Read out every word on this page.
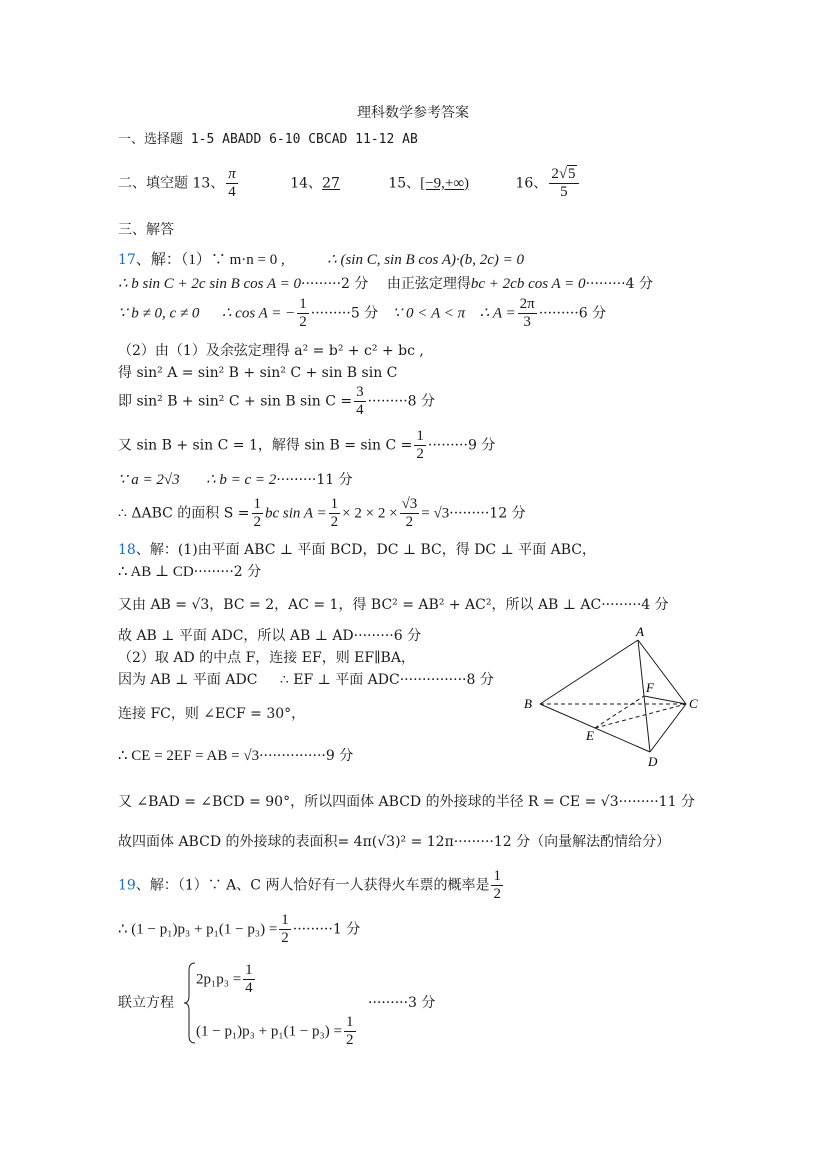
理科数学参考答案
一、选择题 1-5 ABADD 6-10 CBCAD 11-12 AB
二、填空题 13、 $\frac{\pi}{4}$	14、27	15、[−9,+∞)	16、 $\frac{2√5}{5}$
三、解答
17、解：（1）∵ m·n = 0 ,	∴ (sin C, sin B cos A)·(b, 2c) = 0
∴ b sin C + 2c sin B cos A = 0·········2 分 由正弦定理得bc + 2cb cos A = 0·········4 分
∵ b ≠ 0, c ≠ 0 ∴ cos A = − $\frac{1}{2} \cdot\cdot\cdot\cdot\cdot\cdot\cdot\cdot\cdot 5$ 分 ∵ 0 < A < π ∴ $A = \frac{2\pi}{3} \cdot\cdot\cdot\cdot\cdot\cdot\cdot\cdot\cdot 6$ 分
（2）由（1）及余弦定理得 a² = b² + c² + bc ,
得 sin² A = sin² B + sin² C + sin B sin C
即 sin² B + sin² C + sin B $\sin C = \frac{3}{4} \cdot\cdot\cdot\cdot\cdot\cdot\cdot\cdot\cdot 8$ 分
又 sin B + sin C = 1，解得 $\sin B = \sin C = \frac{1}{2} \cdot\cdot\cdot\cdot\cdot\cdot\cdot\cdot\cdot 9$ 分
∵ a = 2√3 ∴ b = c = 2·········11 分
∴ ΔABC 的面积 $S = \frac{1}{2}$ bc $\sin A = \frac{1}{2} \times 2 \times 2 \times \frac{√3}{2} = √3\cdot\cdot\cdot\cdot\cdot\cdot\cdot\cdot\cdot 12$ 分
18、解：(1)由平面 ABC ⊥ 平面 BCD，DC ⊥ BC，得 DC ⊥ 平面 ABC，
∴ AB ⊥ CD·········2 分
又由 AB = √3，BC = 2，AC = 1，得 BC² = AB² + AC²，所以 AB ⊥ AC·········4 分
故 AB ⊥ 平面 ADC，所以 AB ⊥ AD·········6 分
（2）取 AD 的中点 F，连接 EF，则 EF∥BA，
因为 AB ⊥ 平面 ADC ∴ EF ⊥ 平面 ADC···············8 分
连接 FC，则 ∠ECF = 30°，
∴ CE = 2EF = AB = √3···············9 分
又 ∠BAD = ∠BCD = 90°，所以四面体 ABCD 的外接球的半径 R = CE = √3·········11 分
故四面体 ABCD 的外接球的表面积= 4π(√3)² = 12π·········12 分（向量解法酌情给分）
A
B	C
D
E
F
19、解：（1）∵ A、C 两人恰好有一人获得火车票的概率是 $\frac{1}{2}$
∴ $(1 - p_1)p_3 + p_1(1 - p_3) = \frac{1}{2} \cdot\cdot\cdot\cdot\cdot\cdot\cdot\cdot\cdot 1$ 分
联立方程
$2p_1p_3 = \frac{1}{4}$
$(1 - p_1)p_3 + p_1(1 - p_3) = \frac{1}{2}$
·········3 分
